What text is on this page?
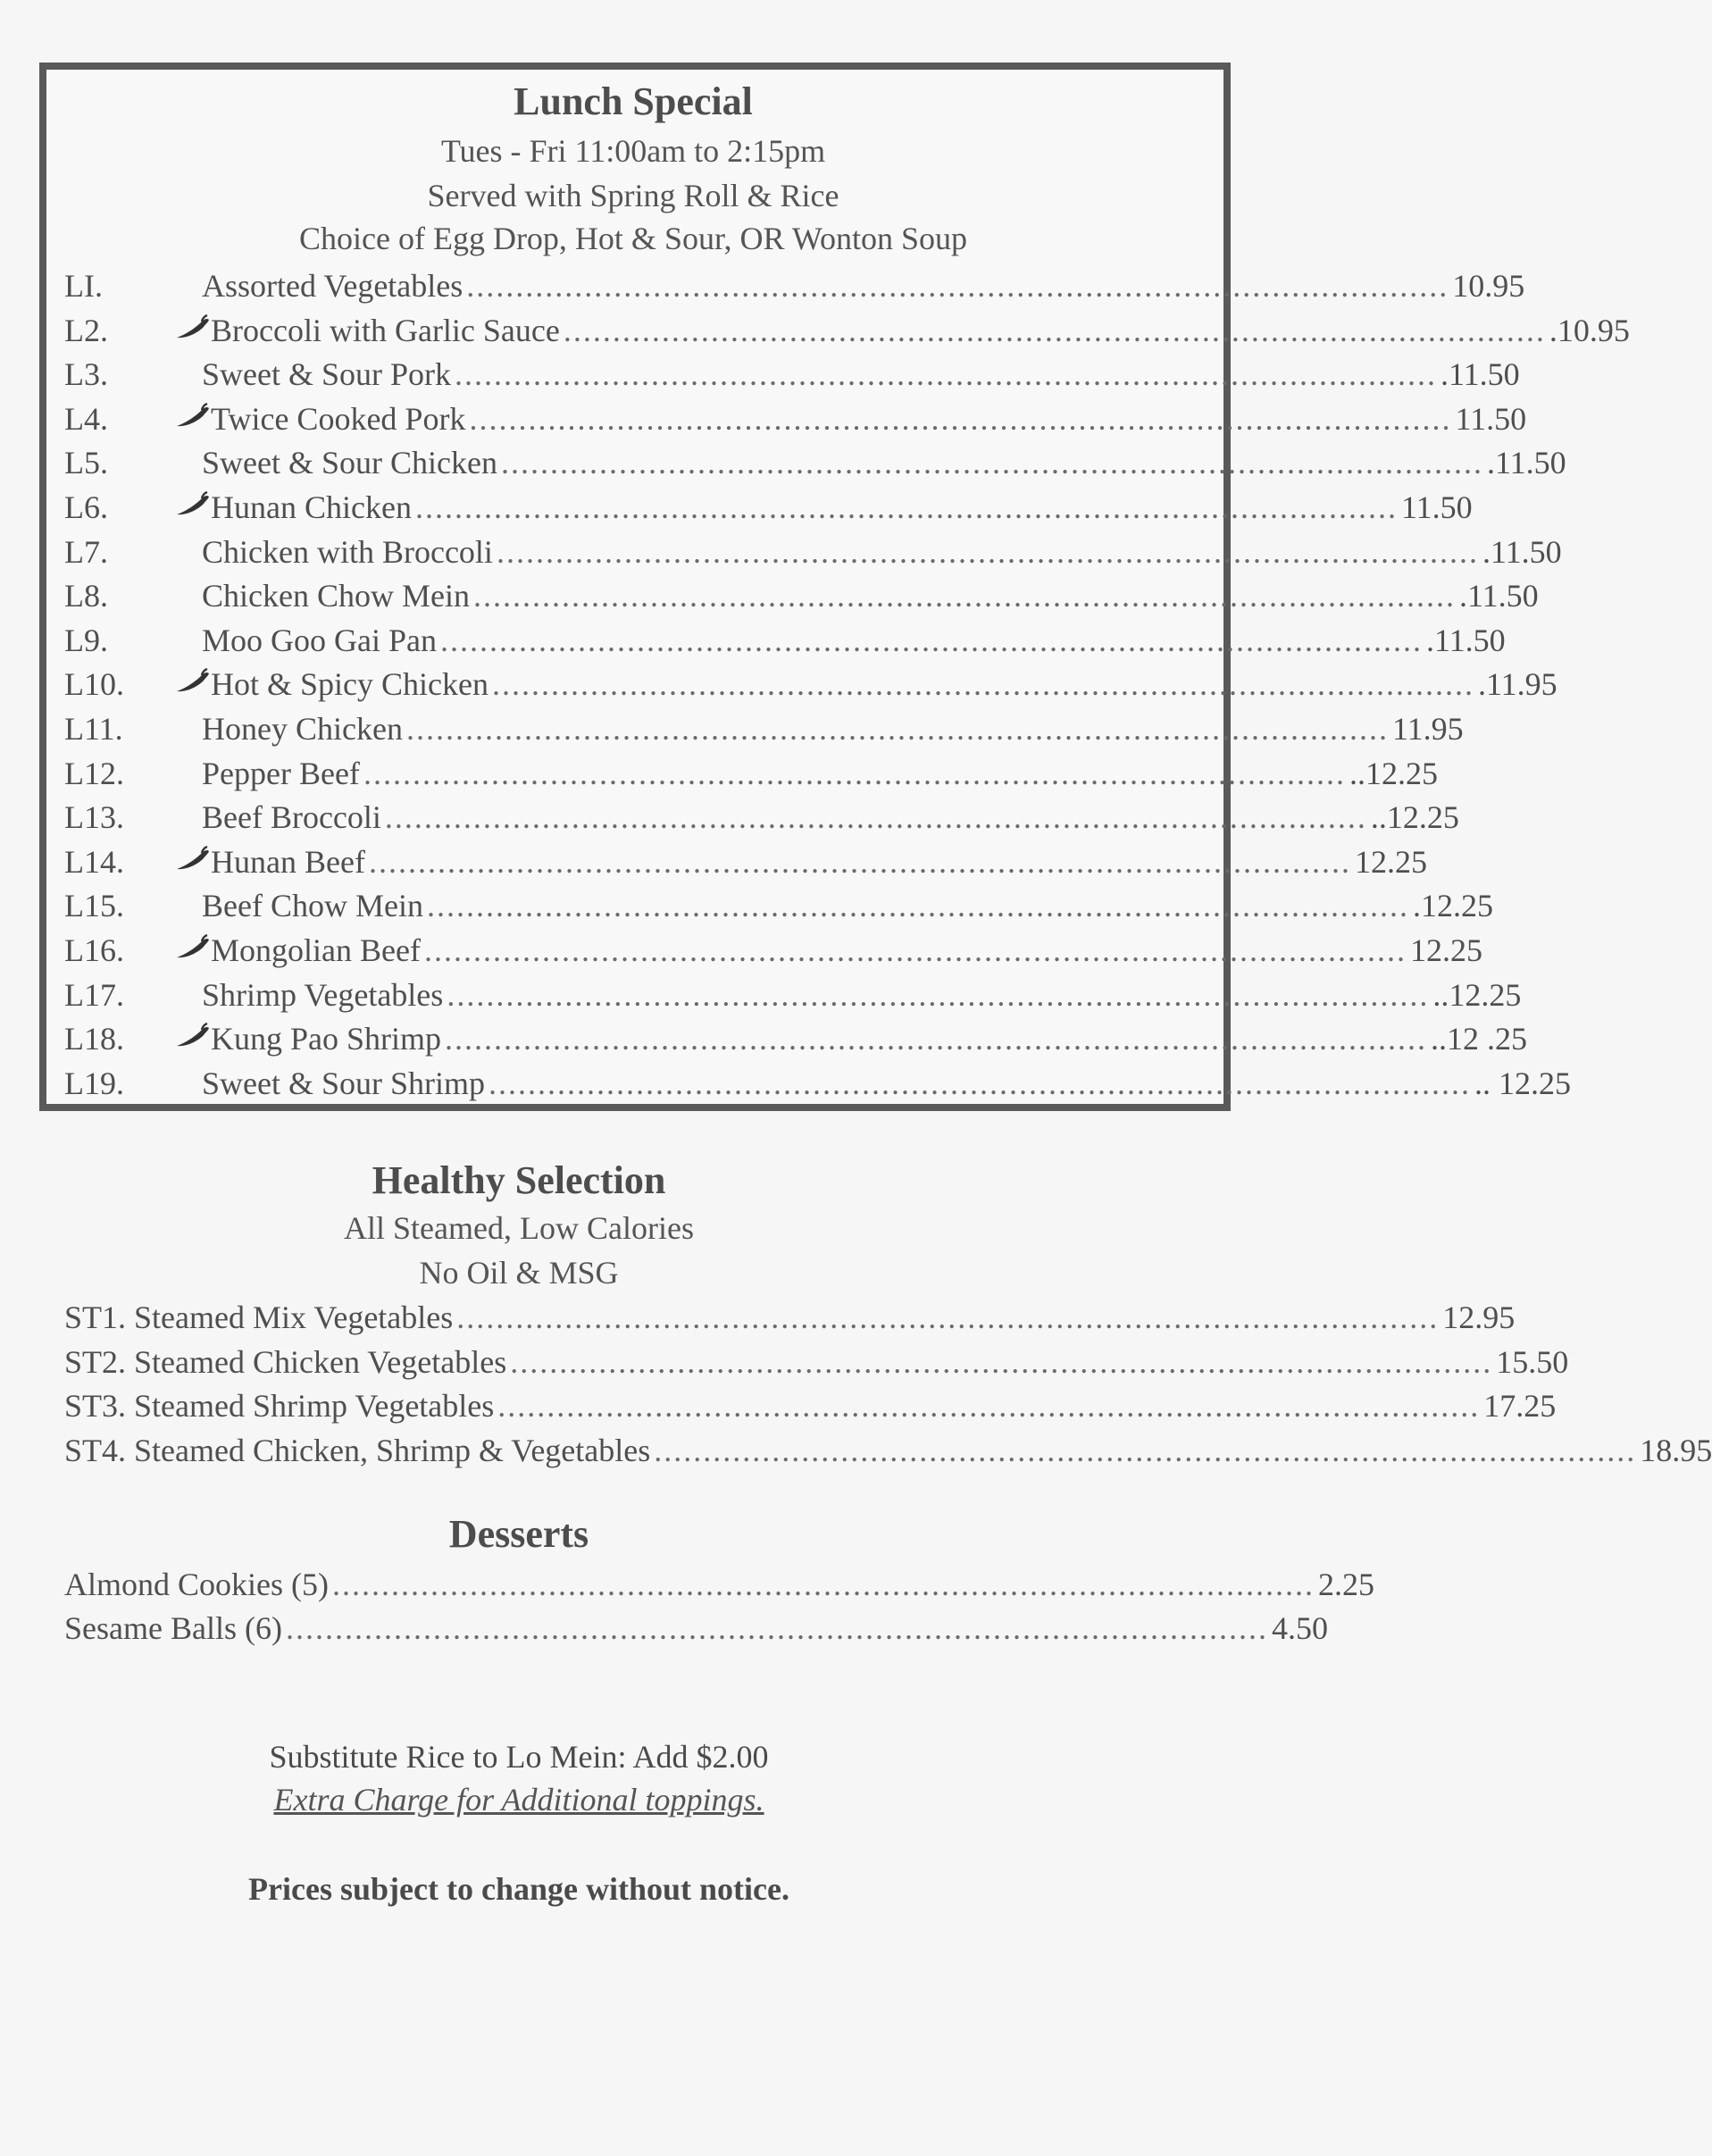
Lunch Special
Tues - Fri 11:00am to 2:15pm
Served with Spring Roll & Rice
Choice of Egg Drop, Hot & Sour, OR Wonton Soup
LI.	Assorted Vegetables .................................................................................................... 10.95
L2.	Broccoli with Garlic Sauce .................................................................................................... .10.95
L3.	Sweet & Sour Pork .................................................................................................... .11.50
L4.	Twice Cooked Pork .................................................................................................... 11.50
L5.	Sweet & Sour Chicken .................................................................................................... .11.50
L6.	Hunan Chicken .................................................................................................... 11.50
L7.	Chicken with Broccoli .................................................................................................... .11.50
L8.	Chicken Chow Mein .................................................................................................... .11.50
L9.	Moo Goo Gai Pan .................................................................................................... .11.50
L10.	Hot & Spicy Chicken .................................................................................................... .11.95
L11. Honey Chicken .................................................................................................... 11.95
L12. Pepper Beef .................................................................................................... ..12.25
L13. Beef Broccoli .................................................................................................... ..12.25
L14.	Hunan Beef .................................................................................................... 12.25
L15. Beef Chow Mein .................................................................................................... .12.25
L16.	Mongolian Beef .................................................................................................... 12.25
L17. Shrimp Vegetables .................................................................................................... ..12.25
L18.	Kung Pao Shrimp .................................................................................................... ..12 .25
L19. Sweet & Sour Shrimp .................................................................................................... .. 12.25
Healthy Selection
All Steamed, Low Calories
No Oil & MSG
ST1. Steamed Mix Vegetables .................................................................................................... 12.95
ST2. Steamed Chicken Vegetables .................................................................................................... 15.50
ST3. Steamed Shrimp Vegetables .................................................................................................... 17.25
ST4. Steamed Chicken, Shrimp & Vegetables .................................................................................................... 18.95
Desserts
Almond Cookies (5) .................................................................................................... 2.25
Sesame Balls (6) .................................................................................................... 4.50
Substitute Rice to Lo Mein: Add $2.00
Extra Charge for Additional toppings.
Prices subject to change without notice.
